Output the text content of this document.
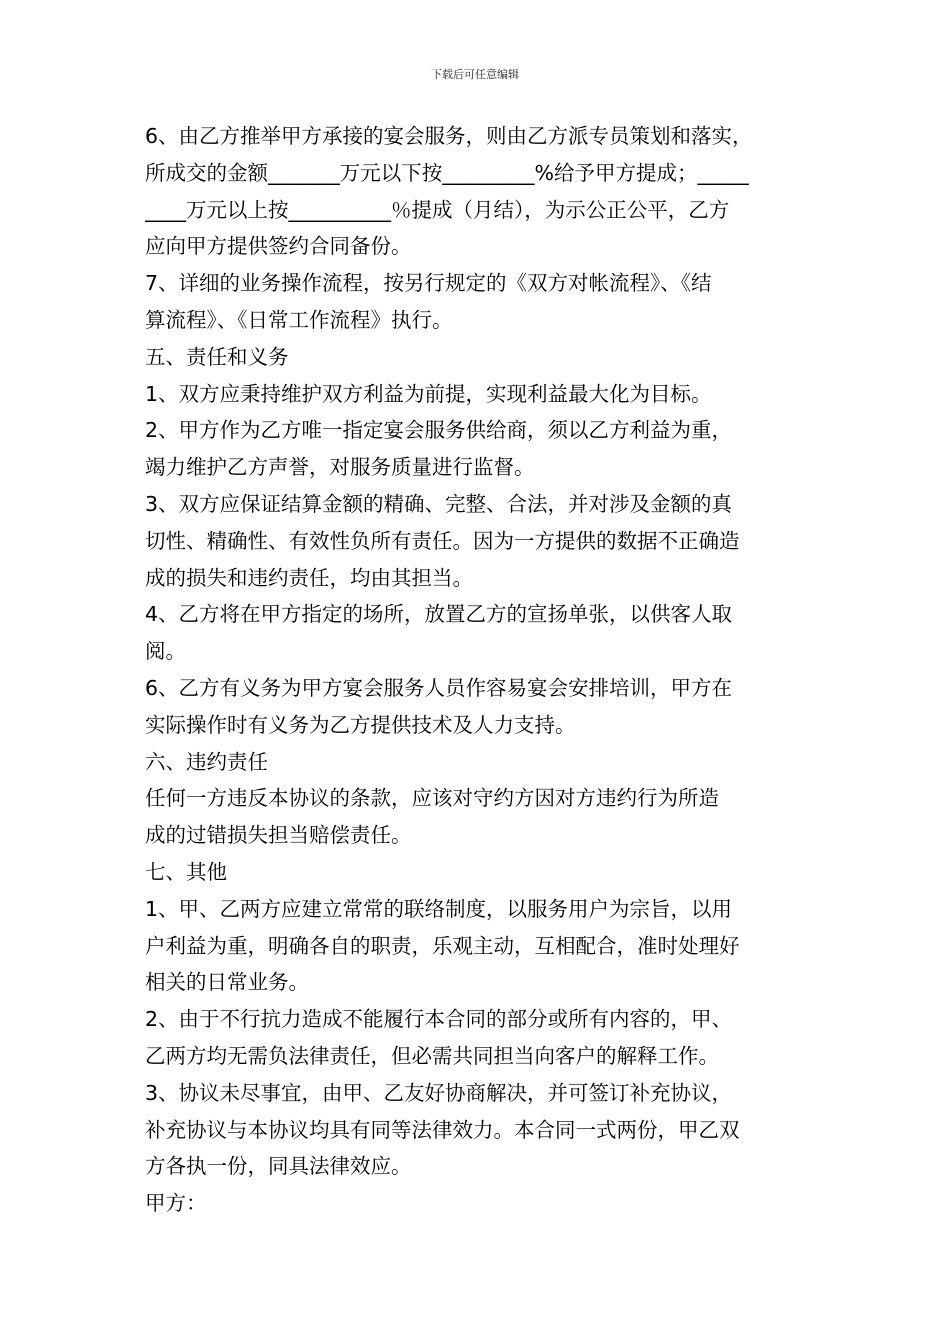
下载后可任意编辑
6、由乙方推举甲方承接的宴会服务，则由乙方派专员策划和落实，
所成交的金额_______万元以下按_________%给予甲方提成；_____
____万元以上按__________％提成（月结），为示公正公平，乙方
应向甲方提供签约合同备份。
7、详细的业务操作流程，按另行规定的《双方对帐流程》、《结
算流程》、《日常工作流程》执行。
五、责任和义务
1、双方应秉持维护双方利益为前提，实现利益最大化为目标。
2、甲方作为乙方唯一指定宴会服务供给商，须以乙方利益为重，
竭力维护乙方声誉，对服务质量进行监督。
3、双方应保证结算金额的精确、完整、合法，并对涉及金额的真
切性、精确性、有效性负所有责任。因为一方提供的数据不正确造
成的损失和违约责任，均由其担当。
4、乙方将在甲方指定的场所，放置乙方的宣扬单张，以供客人取
阅。
6、乙方有义务为甲方宴会服务人员作容易宴会安排培训，甲方在
实际操作时有义务为乙方提供技术及人力支持。
六、违约责任
任何一方违反本协议的条款，应该对守约方因对方违约行为所造
成的过错损失担当赔偿责任。
七、其他
1、甲、乙两方应建立常常的联络制度，以服务用户为宗旨，以用
户利益为重，明确各自的职责，乐观主动，互相配合，准时处理好
相关的日常业务。
2、由于不行抗力造成不能履行本合同的部分或所有内容的，甲、
乙两方均无需负法律责任，但必需共同担当向客户的解释工作。
3、协议未尽事宜，由甲、乙友好协商解决，并可签订补充协议，
补充协议与本协议均具有同等法律效力。本合同一式两份，甲乙双
方各执一份，同具法律效应。
甲方：
